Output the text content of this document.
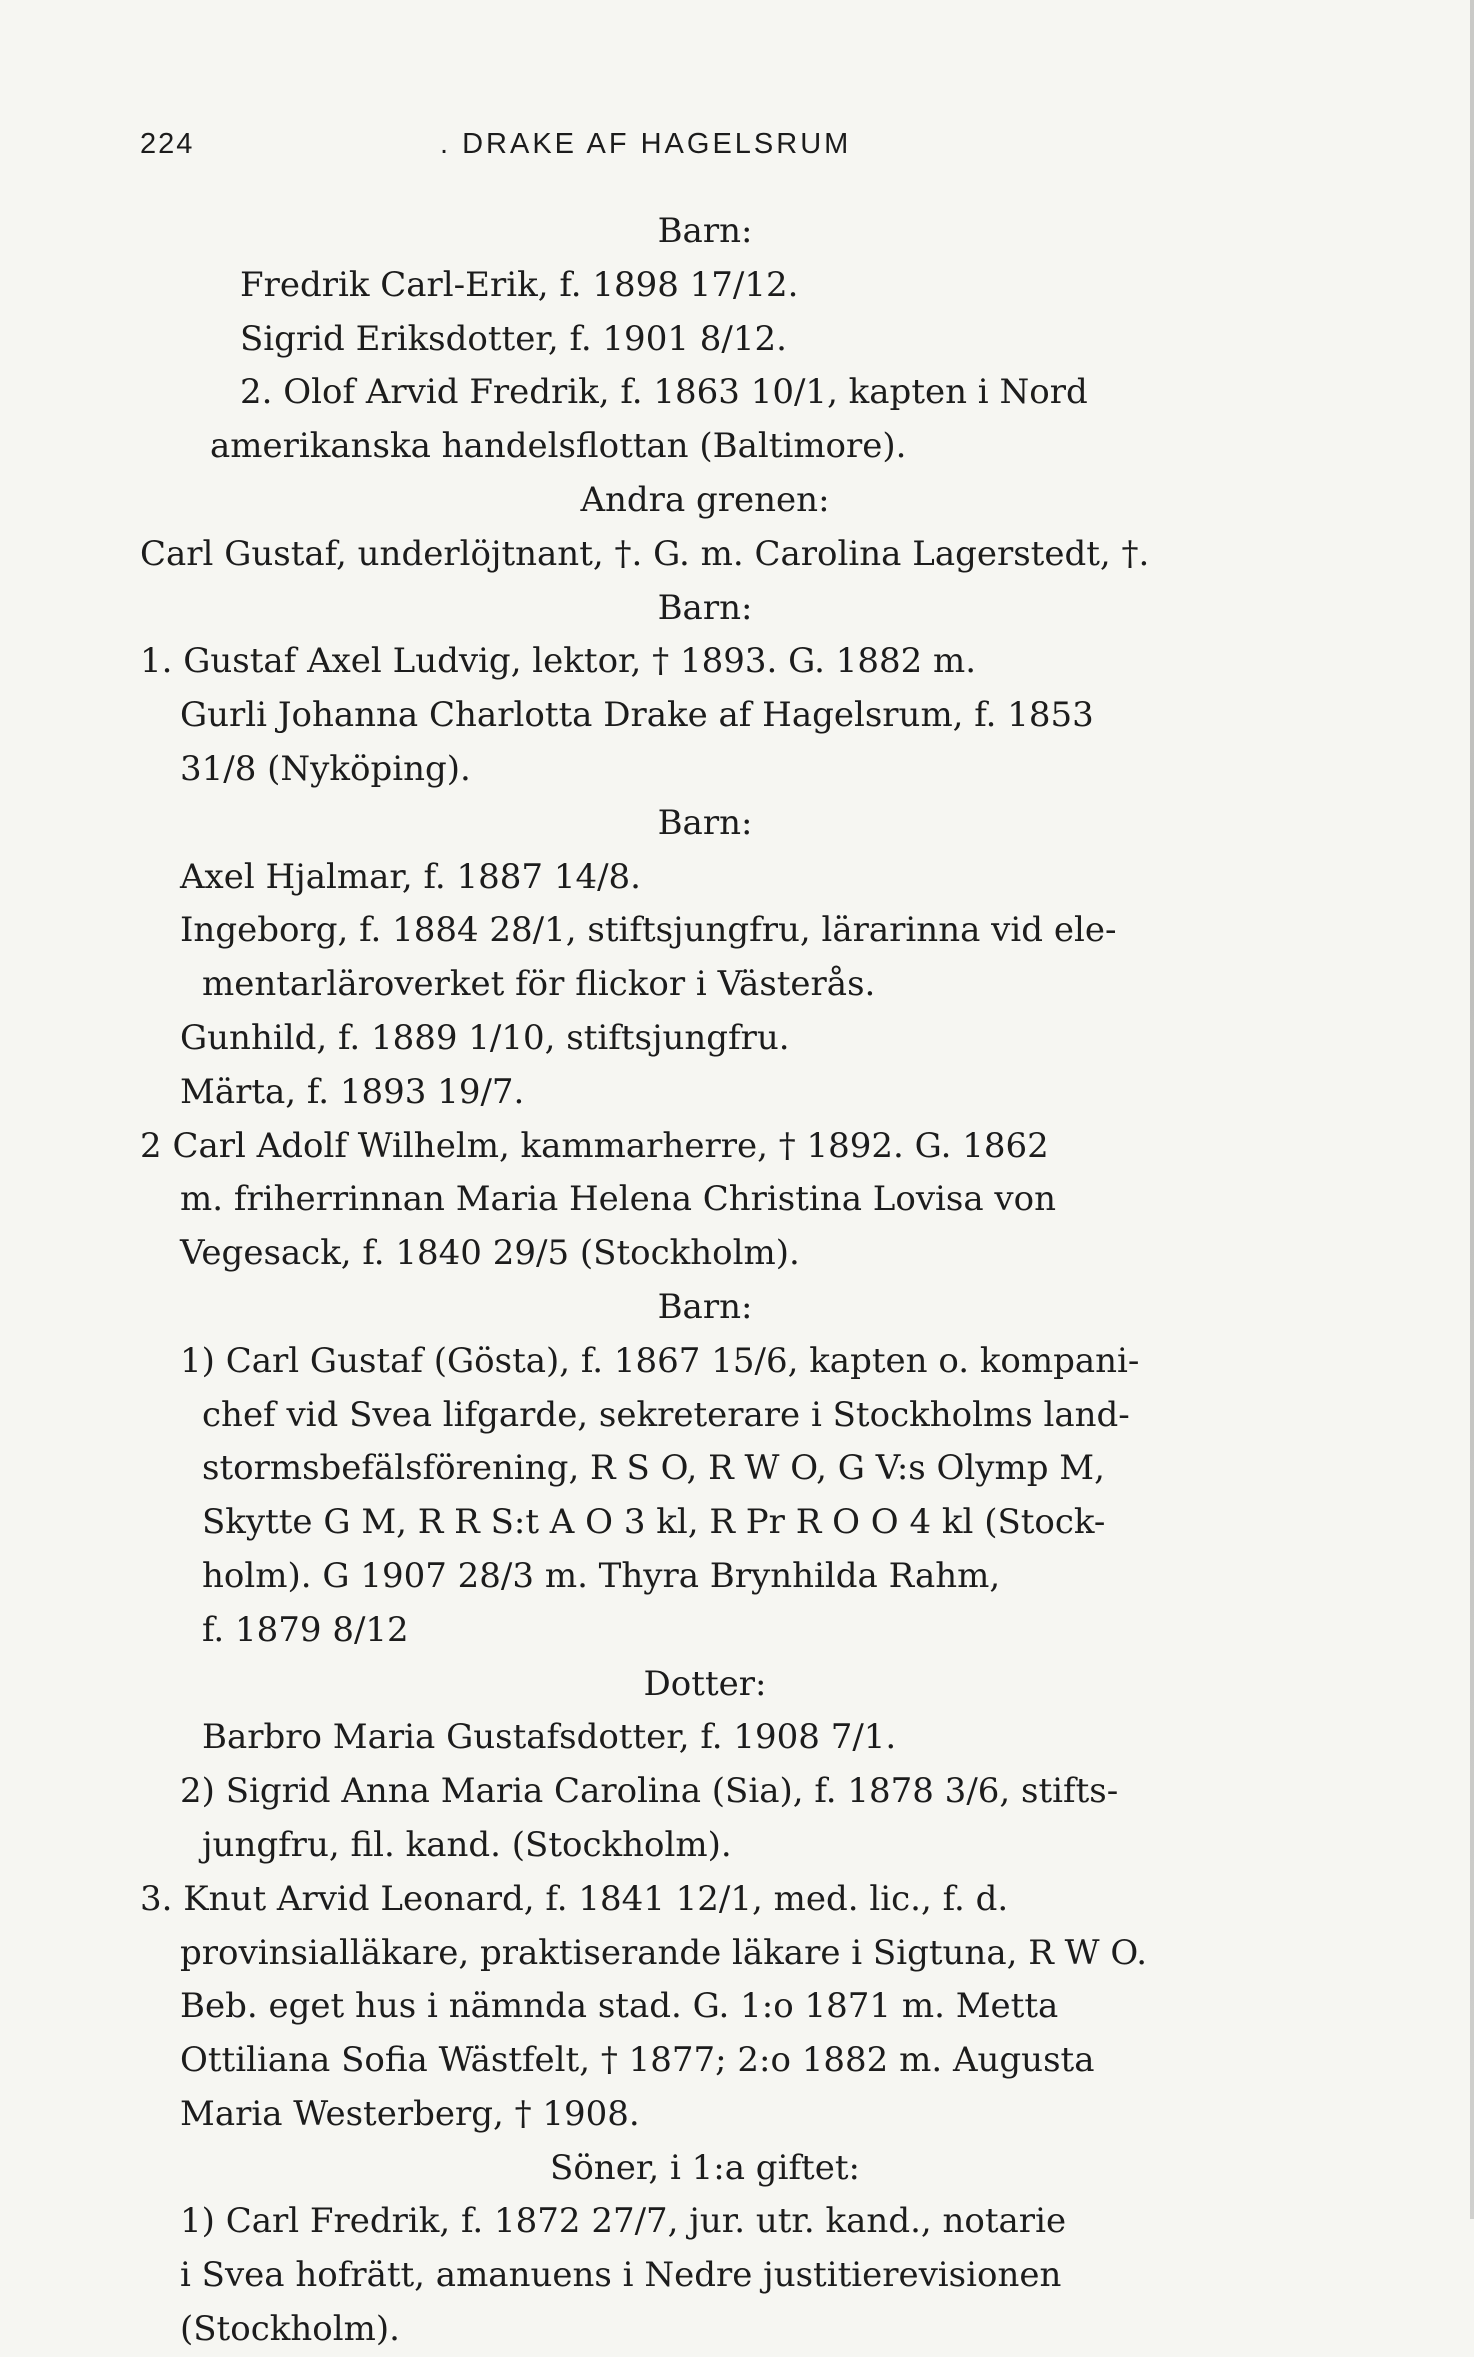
224	. DRAKE AF HAGELSRUM
Barn:
Fredrik Carl-Erik, f. 1898 17/12.
Sigrid Eriksdotter, f. 1901 8/12.
2. Olof Arvid Fredrik, f. 1863 10/1, kapten i Nord
amerikanska handelsflottan (Baltimore).
Andra grenen:
Carl Gustaf, underlöjtnant, †. G. m. Carolina Lagerstedt, †.
Barn:
1. Gustaf Axel Ludvig, lektor, † 1893. G. 1882 m.
Gurli Johanna Charlotta Drake af Hagelsrum, f. 1853
31/8 (Nyköping).
Barn:
Axel Hjalmar, f. 1887 14/8.
Ingeborg, f. 1884 28/1, stiftsjungfru, lärarinna vid ele-
mentarläroverket för flickor i Västerås.
Gunhild, f. 1889 1/10, stiftsjungfru.
Märta, f. 1893 19/7.
2 Carl Adolf Wilhelm, kammarherre, † 1892. G. 1862
m. friherrinnan Maria Helena Christina Lovisa von
Vegesack, f. 1840 29/5 (Stockholm).
Barn:
1) Carl Gustaf (Gösta), f. 1867 15/6, kapten o. kompani-
chef vid Svea lifgarde, sekreterare i Stockholms land-
stormsbefälsförening, R S O, R W O, G V:s Olymp M,
Skytte G M, R R S:t A O 3 kl, R Pr R O O 4 kl (Stock-
holm). G 1907 28/3 m. Thyra Brynhilda Rahm,
f. 1879 8/12
Dotter:
Barbro Maria Gustafsdotter, f. 1908 7/1.
2) Sigrid Anna Maria Carolina (Sia), f. 1878 3/6, stifts-
jungfru, fil. kand. (Stockholm).
3. Knut Arvid Leonard, f. 1841 12/1, med. lic., f. d.
provinsialläkare, praktiserande läkare i Sigtuna, R W O.
Beb. eget hus i nämnda stad. G. 1:o 1871 m. Metta
Ottiliana Sofia Wästfelt, † 1877; 2:o 1882 m. Augusta
Maria Westerberg, † 1908.
Söner, i 1:a giftet:
1) Carl Fredrik, f. 1872 27/7, jur. utr. kand., notarie
i Svea hofrätt, amanuens i Nedre justitierevisionen
(Stockholm).
